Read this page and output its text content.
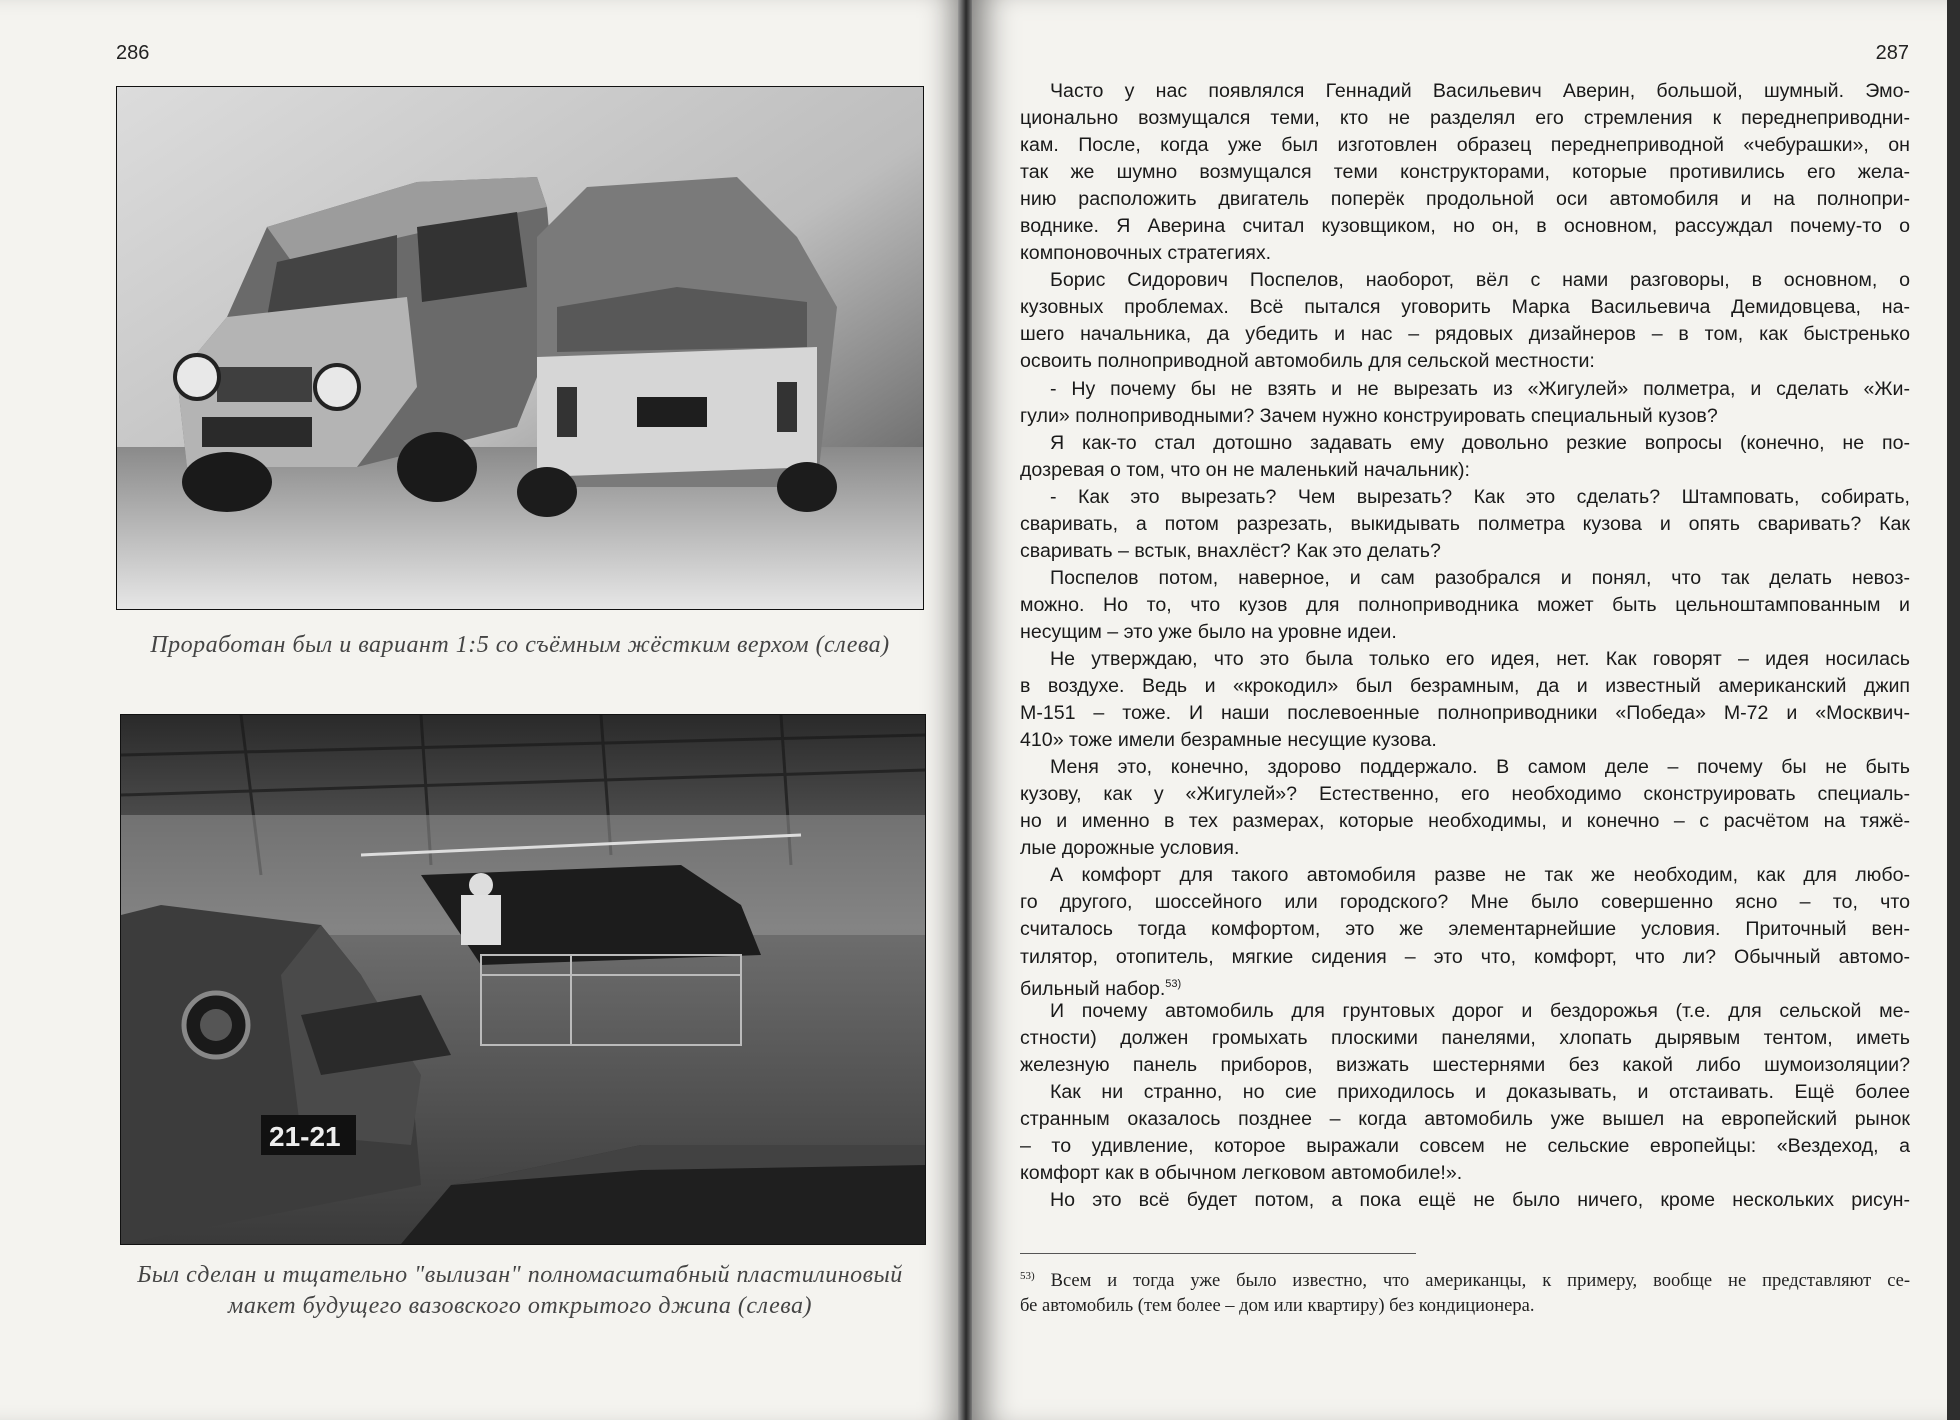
286
Проработан был и вариант 1:5 со съёмным жёстким верхом (слева)
21-21
Был сделан и тщательно "вылизан" полномасштабный пластилиновый
макет будущего вазовского открытого джипа (слева)
287
Часто у нас появлялся Геннадий Васильевич Аверин, большой, шумный. Эмо-
ционально возмущался теми, кто не разделял его стремления к переднеприводни-
кам. После, когда уже был изготовлен образец переднеприводной «чебурашки», он
так же шумно возмущался теми конструкторами, которые противились его жела-
нию расположить двигатель поперёк продольной оси автомобиля и на полнопри-
воднике. Я Аверина считал кузовщиком, но он, в основном, рассуждал почему-то о
компоновочных стратегиях.
Борис Сидорович Поспелов, наоборот, вёл с нами разговоры, в основном, о
кузовных проблемах. Всё пытался уговорить Марка Васильевича Демидовцева, на-
шего начальника, да убедить и нас – рядовых дизайнеров – в том, как быстренько
освоить полноприводной автомобиль для сельской местности:
- Ну почему бы не взять и не вырезать из «Жигулей» полметра, и сделать «Жи-
гули» полноприводными? Зачем нужно конструировать специальный кузов?
Я как-то стал дотошно задавать ему довольно резкие вопросы (конечно, не по-
дозревая о том, что он не маленький начальник):
- Как это вырезать? Чем вырезать? Как это сделать? Штамповать, собирать,
сваривать, а потом разрезать, выкидывать полметра кузова и опять сваривать? Как
сваривать – встык, внахлёст? Как это делать?
Поспелов потом, наверное, и сам разобрался и понял, что так делать невоз-
можно. Но то, что кузов для полноприводника может быть цельноштампованным и
несущим – это уже было на уровне идеи.
Не утверждаю, что это была только его идея, нет. Как говорят – идея носилась
в воздухе. Ведь и «крокодил» был безрамным, да и известный американский джип
М-151 – тоже. И наши послевоенные полноприводники «Победа» М-72 и «Москвич-
410» тоже имели безрамные несущие кузова.
Меня это, конечно, здорово поддержало. В самом деле – почему бы не быть
кузову, как у «Жигулей»? Естественно, его необходимо сконструировать специаль-
но и именно в тех размерах, которые необходимы, и конечно – с расчётом на тяжё-
лые дорожные условия.
А комфорт для такого автомобиля разве не так же необходим, как для любо-
го другого, шоссейного или городского? Мне было совершенно ясно – то, что
считалось тогда комфортом, это же элементарнейшие условия. Приточный вен-
тилятор, отопитель, мягкие сидения – это что, комфорт, что ли? Обычный автомо-
бильный набор.$^{53)}$
И почему автомобиль для грунтовых дорог и бездорожья (т.е. для сельской ме-
стности) должен громыхать плоскими панелями, хлопать дырявым тентом, иметь
железную панель приборов, визжать шестернями без какой либо шумоизоляции?
Как ни странно, но сие приходилось и доказывать, и отстаивать. Ещё более
странным оказалось позднее – когда автомобиль уже вышел на европейский рынок
– то удивление, которое выражали совсем не сельские европейцы: «Вездеход, а
комфорт как в обычном легковом автомобиле!».
Но это всё будет потом, а пока ещё не было ничего, кроме нескольких рисун-
$^{53)}$ Всем и тогда уже было известно, что американцы, к примеру, вообще не представляют се-
бе автомобиль (тем более – дом или квартиру) без кондиционера.
